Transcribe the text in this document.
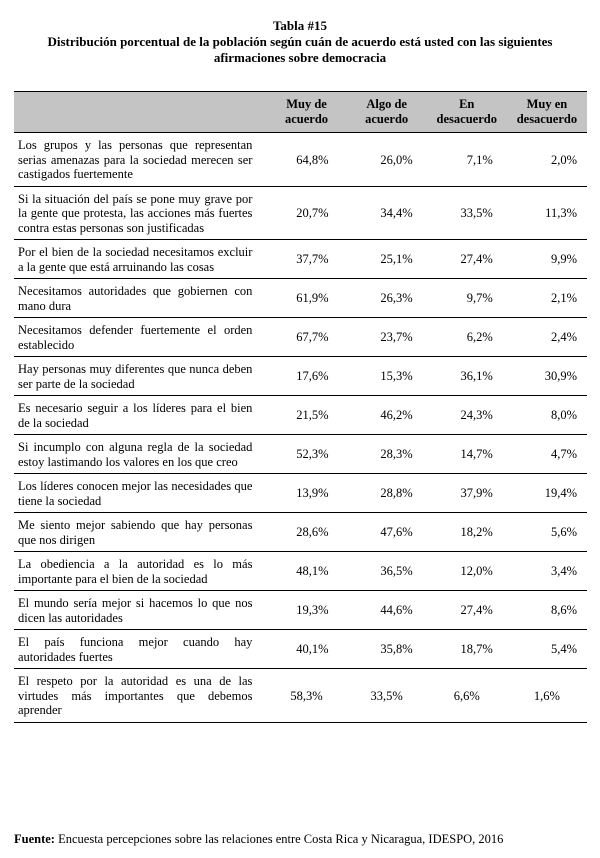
Tabla #15
Distribución porcentual de la población según cuán de acuerdo está usted con las siguientes afirmaciones sobre democracia
	Muy de acuerdo	Algo de acuerdo	En desacuerdo	Muy en desacuerdo
Los grupos y las personas que representan serias amenazas para la sociedad merecen ser castigados fuertemente	64,8%	26,0%	7,1%	2,0%
Si la situación del país se pone muy grave por la gente que protesta, las acciones más fuertes contra estas personas son justificadas	20,7%	34,4%	33,5%	11,3%
Por el bien de la sociedad necesitamos excluir a la gente que está arruinando las cosas	37,7%	25,1%	27,4%	9,9%
Necesitamos autoridades que gobiernen con mano dura	61,9%	26,3%	9,7%	2,1%
Necesitamos defender fuertemente el orden establecido	67,7%	23,7%	6,2%	2,4%
Hay personas muy diferentes que nunca deben ser parte de la sociedad	17,6%	15,3%	36,1%	30,9%
Es necesario seguir a los líderes para el bien de la sociedad	21,5%	46,2%	24,3%	8,0%
Si incumplo con alguna regla de la sociedad estoy lastimando los valores en los que creo	52,3%	28,3%	14,7%	4,7%
Los líderes conocen mejor las necesidades que tiene la sociedad	13,9%	28,8%	37,9%	19,4%
Me siento mejor sabiendo que hay personas que nos dirigen	28,6%	47,6%	18,2%	5,6%
La obediencia a la autoridad es lo más importante para el bien de la sociedad	48,1%	36,5%	12,0%	3,4%
El mundo sería mejor si hacemos lo que nos dicen las autoridades	19,3%	44,6%	27,4%	8,6%
El país funciona mejor cuando hay autoridades fuertes	40,1%	35,8%	18,7%	5,4%
El respeto por la autoridad es una de las virtudes más importantes que debemos aprender	58,3%	33,5%	6,6%	1,6%
Fuente: Encuesta percepciones sobre las relaciones entre Costa Rica y Nicaragua, IDESPO, 2016
